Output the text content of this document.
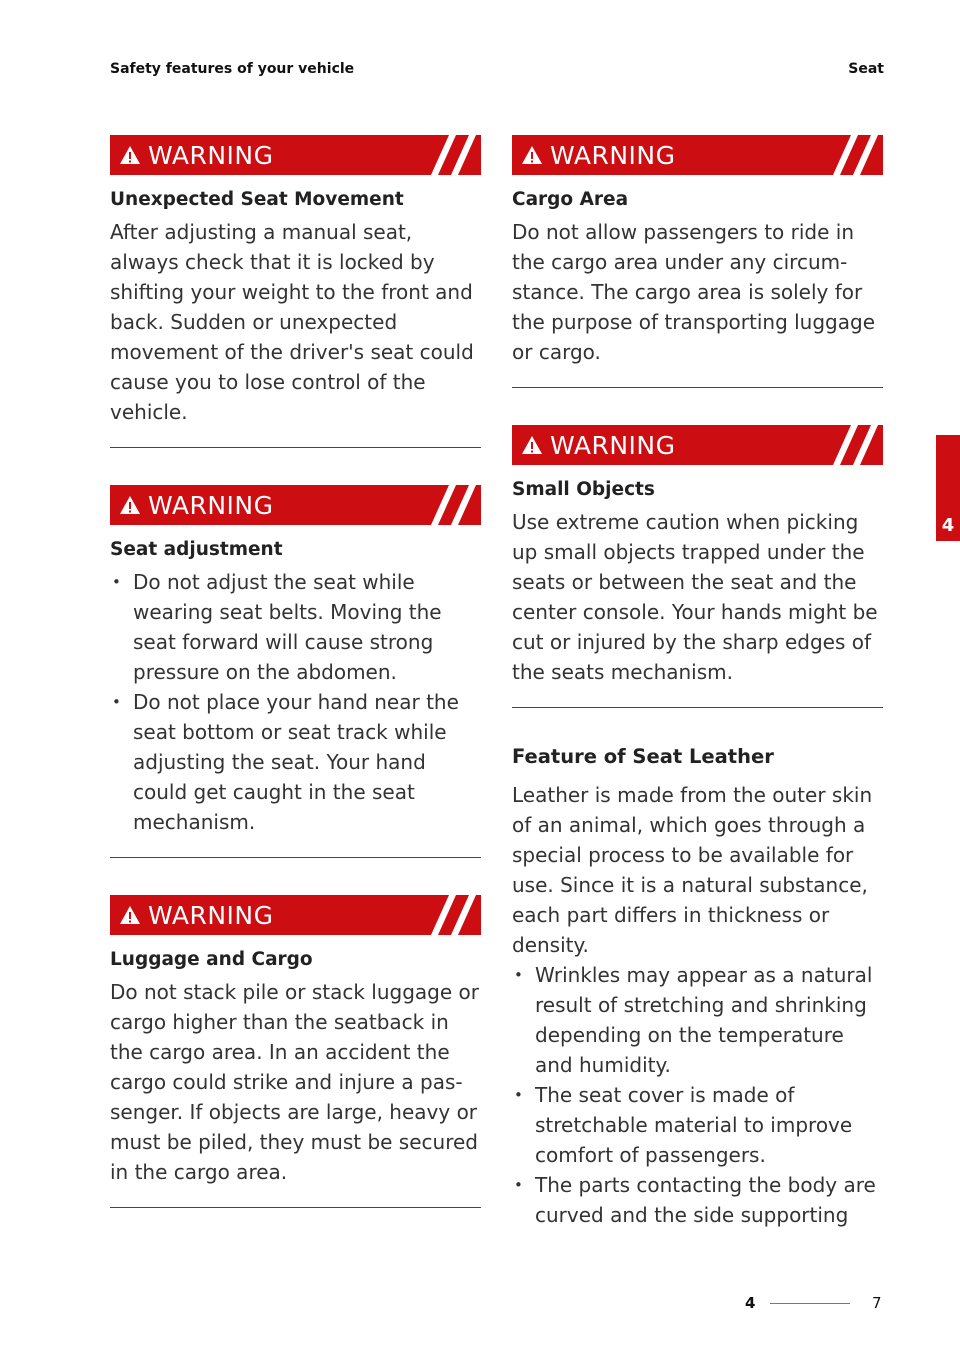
Safety features of your vehicle	Seat
WARNING
Unexpected Seat Movement

After adjusting a manual seat, always check that it is locked by shifting your weight to the front and back. Sudden or unexpected movement of the driver's seat could cause you to lose control of the vehicle.

WARNING
Seat adjustment
• Do not adjust the seat while wearing seat belts. Moving the seat forward will cause strong pressure on the abdomen.
• Do not place your hand near the seat bottom or seat track while adjusting the seat. Your hand could get caught in the seat mechanism.
WARNING
Luggage and Cargo

Do not stack pile or stack luggage or cargo higher than the seatback in the cargo area. In an accident the cargo could strike and injure a pas-senger. If objects are large, heavy or must be piled, they must be secured in the cargo area.

WARNING
Cargo Area

Do not allow passengers to ride in the cargo area under any circum-stance. The cargo area is solely for the purpose of transporting luggage or cargo.

WARNING
Small Objects

Use extreme caution when picking up small objects trapped under the seats or between the seat and the center console. Your hands might be cut or injured by the sharp edges of the seats mechanism.

Feature of Seat Leather

Leather is made from the outer skin of an animal, which goes through a special process to be available for use. Since it is a natural substance, each part differs in thickness or density.

• Wrinkles may appear as a natural result of stretching and shrinking depending on the temperature and humidity.
• The seat cover is made of stretchable material to improve comfort of passengers.
• The parts contacting the body are curved and the side supporting
4
4	7
